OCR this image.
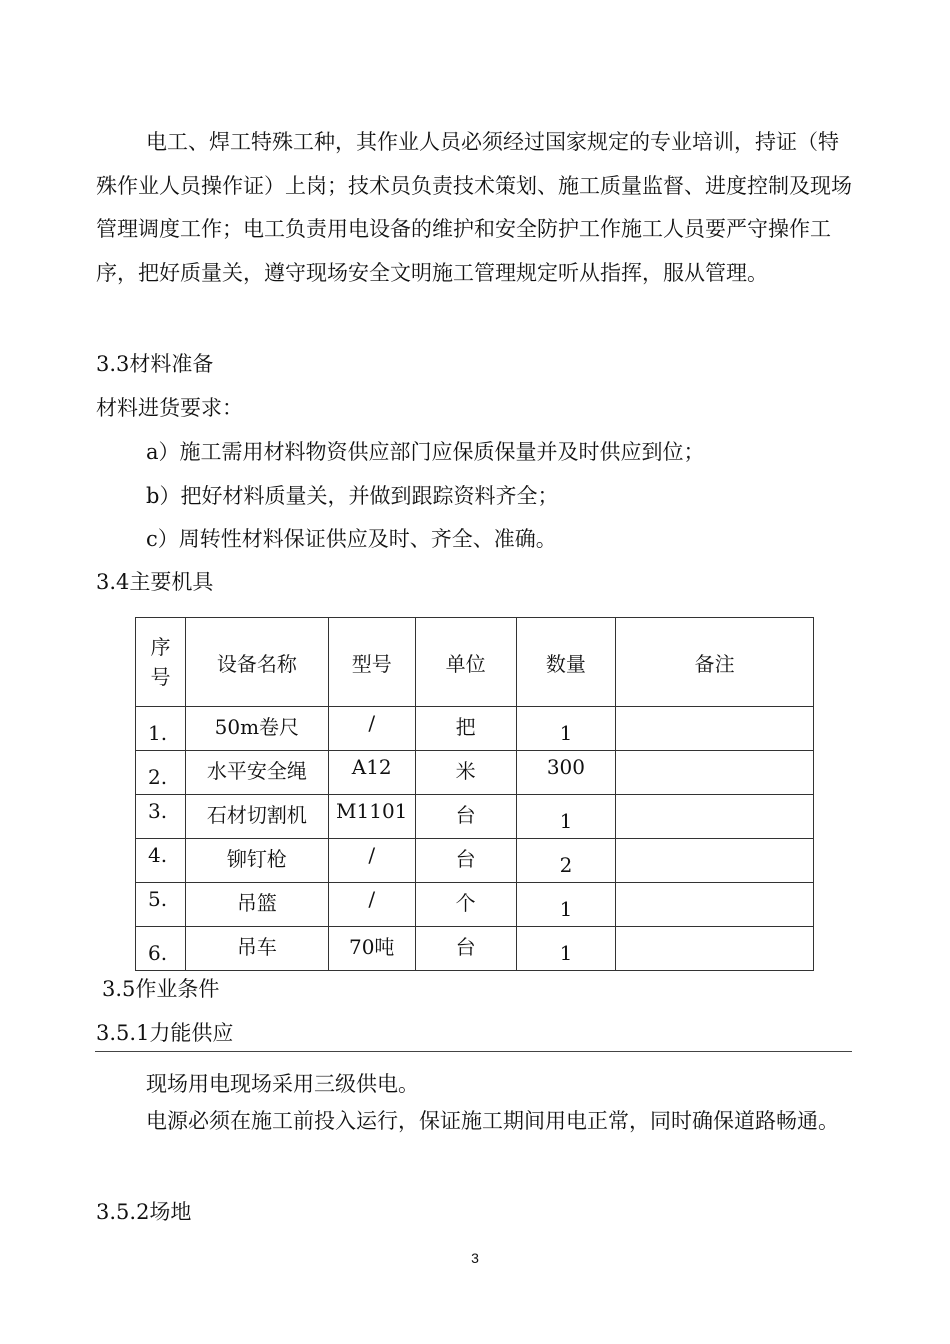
电工、焊工特殊工种，其作业人员必须经过国家规定的专业培训，持证（特殊作业人员操作证）上岗；技术员负责技术策划、施工质量监督、进度控制及现场管理调度工作；电工负责用电设备的维护和安全防护工作施工人员要严守操作工序，把好质量关，遵守现场安全文明施工管理规定听从指挥，服从管理。
3.3材料准备
材料进货要求：
a）施工需用材料物资供应部门应保质保量并及时供应到位；
b）把好材料质量关，并做到跟踪资料齐全；
c）周转性材料保证供应及时、齐全、准确。
3.4主要机具
序号	设备名称	型号	单位	数量	备注

1.	50m卷尺	/	把	1	

2.	水平安全绳	A12	米	300	

3.	石材切割机	M1101	台	1	

4.	铆钉枪	/	台	2	

5.	吊篮	/	个	1	

6.	吊车	70吨	台	1	

3.5作业条件
3.5.1力能供应
现场用电现场采用三级供电。
电源必须在施工前投入运行，保证施工期间用电正常，同时确保道路畅通。
3.5.2场地
3
